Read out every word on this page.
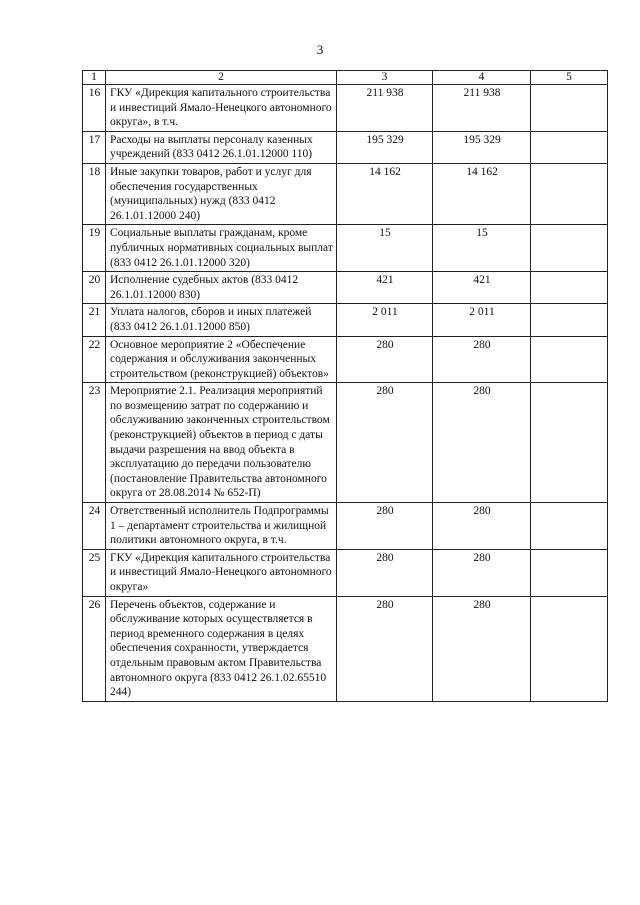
3
1	2	3	4	5
16	ГКУ «Дирекция капитального строительства и инвестиций Ямало-Ненецкого автономного округа», в т.ч.	211 938	211 938	
17	Расходы на выплаты персоналу казенных учреждений (833 0412 26.1.01.12000 110)	195 329	195 329	
18	Иные закупки товаров, работ и услуг для обеспечения государственных (муниципальных) нужд (833 0412 26.1.01.12000 240)	14 162	14 162	
19	Социальные выплаты гражданам, кроме публичных нормативных социальных выплат (833 0412 26.1.01.12000 320)	15	15	
20	Исполнение судебных актов (833 0412 26.1.01.12000 830)	421	421	
21	Уплата налогов, сборов и иных платежей (833 0412 26.1.01.12000 850)	2 011	2 011	
22	Основное мероприятие 2 «Обеспечение содержания и обслуживания законченных строительством (реконструкцией) объектов»	280	280	
23	Мероприятие 2.1. Реализация мероприятий по возмещению затрат по содержанию и обслуживанию законченных строительством (реконструкцией) объектов в период с даты выдачи разрешения на ввод объекта в эксплуатацию до передачи пользователю (постановление Правительства автономного округа от 28.08.2014 № 652-П)	280	280	
24	Ответственный исполнитель Подпрограммы 1 – департамент строительства и жилищной политики автономного округа, в т.ч.	280	280	
25	ГКУ «Дирекция капитального строительства и инвестиций Ямало-Ненецкого автономного округа»	280	280	
26	Перечень объектов, содержание и обслуживание которых осуществляется в период временного содержания в целях обеспечения сохранности, утверждается отдельным правовым актом Правительства автономного округа (833 0412 26.1.02.65510 244)	280	280	
